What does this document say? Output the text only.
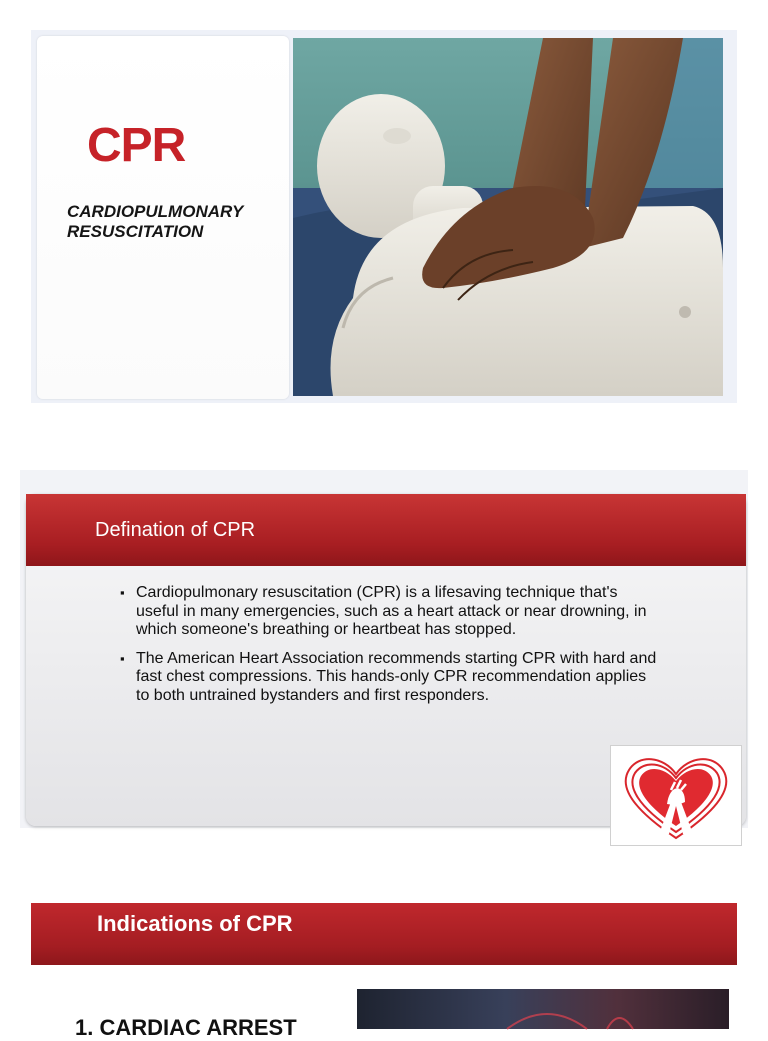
CPR
CARDIOPULMONARY
RESUSCITATION
Defination of CPR
▪ Cardiopulmonary resuscitation (CPR) is a lifesaving technique that's useful in many emergencies, such as a heart attack or near drowning, in which someone's breathing or heartbeat has stopped.
▪ The American Heart Association recommends starting CPR with hard and fast chest compressions. This hands-only CPR recommendation applies to both untrained bystanders and first responders.
Indications of CPR
1. CARDIAC ARREST
